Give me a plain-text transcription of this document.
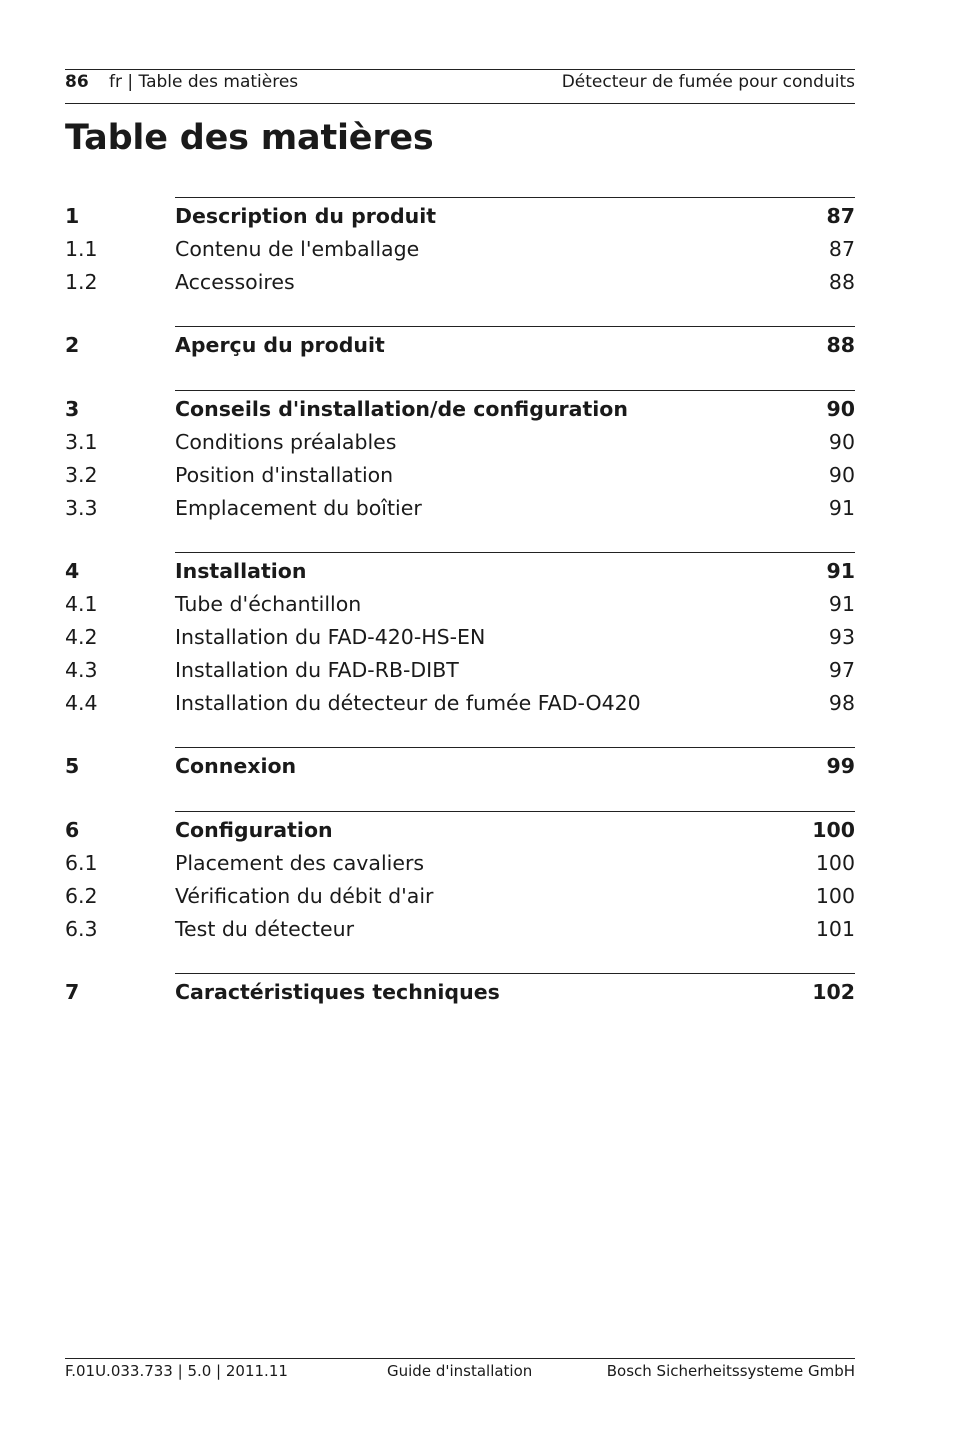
86 fr | Table des matières	Détecteur de fumée pour conduits
Table des matières
1	Description du produit	87
1.1	Contenu de l'emballage	87
1.2	Accessoires	88
2	Aperçu du produit	88
3	Conseils d'installation/de configuration	90
3.1	Conditions préalables	90
3.2	Position d'installation	90
3.3	Emplacement du boîtier	91
4	Installation	91
4.1	Tube d'échantillon	91
4.2	Installation du FAD-420-HS-EN	93
4.3	Installation du FAD-RB-DIBT	97
4.4	Installation du détecteur de fumée FAD-O420	98
5	Connexion	99
6	Configuration	100
6.1	Placement des cavaliers	100
6.2	Vérification du débit d'air	100
6.3	Test du détecteur	101
7	Caractéristiques techniques	102
F.01U.033.733 | 5.0 | 2011.11	Guide d'installation	Bosch Sicherheitssysteme GmbH
